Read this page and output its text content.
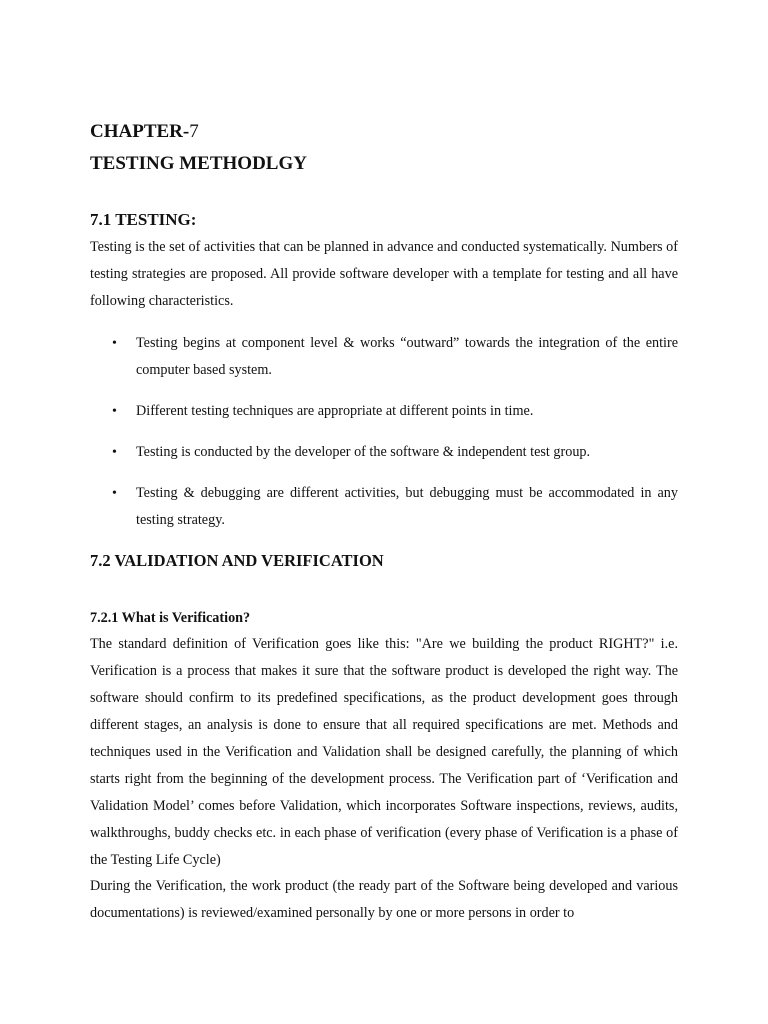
CHAPTER-7
TESTING METHODLGY
7.1 TESTING:

Testing is the set of activities that can be planned in advance and conducted systematically. Numbers of testing strategies are proposed. All provide software developer with a template for testing and all have following characteristics.

• Testing begins at component level & works “outward” towards the integration of the entire computer based system.
• Different testing techniques are appropriate at different points in time.
• Testing is conducted by the developer of the software & independent test group.
• Testing & debugging are different activities, but debugging must be accommodated in any testing strategy.
7.2 VALIDATION AND VERIFICATION
7.2.1 What is Verification?

The standard definition of Verification goes like this: "Are we building the product RIGHT?" i.e. Verification is a process that makes it sure that the software product is developed the right way. The software should confirm to its predefined specifications, as the product development goes through different stages, an analysis is done to ensure that all required specifications are met. Methods and techniques used in the Verification and Validation shall be designed carefully, the planning of which starts right from the beginning of the development process. The Verification part of ‘Verification and Validation Model’ comes before Validation, which incorporates Software inspections, reviews, audits, walkthroughs, buddy checks etc. in each phase of verification (every phase of Verification is a phase of the Testing Life Cycle)

During the Verification, the work product (the ready part of the Software being developed and various documentations) is reviewed/examined personally by one or more persons in order to
